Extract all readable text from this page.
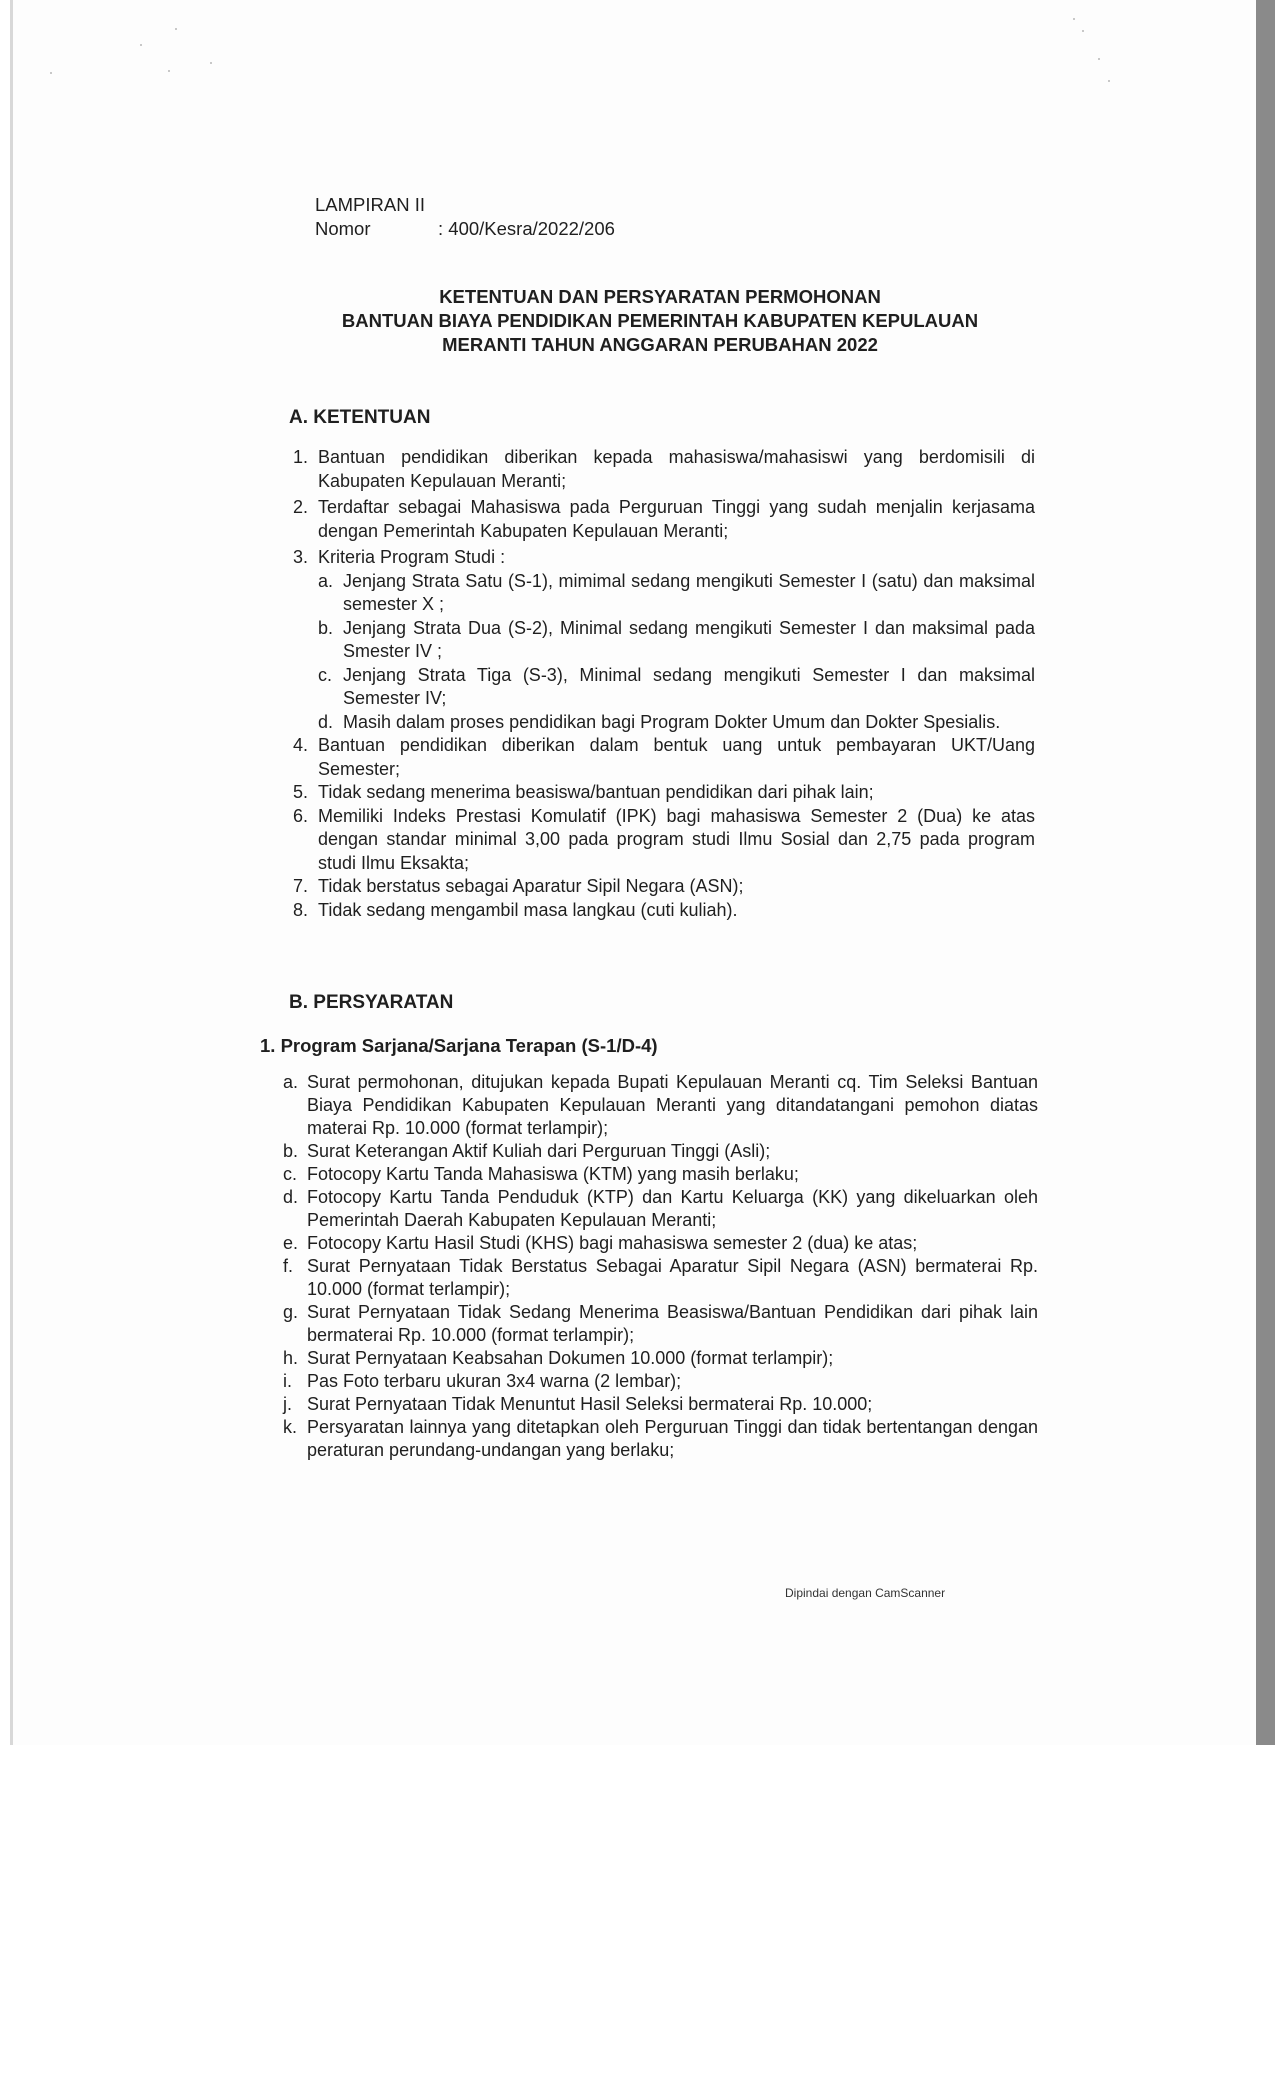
LAMPIRAN II
Nomor	: 400/Kesra/2022/206
KETENTUAN DAN PERSYARATAN PERMOHONAN
BANTUAN BIAYA PENDIDIKAN PEMERINTAH KABUPATEN KEPULAUAN
MERANTI TAHUN ANGGARAN PERUBAHAN 2022
A. KETENTUAN
1. Bantuan pendidikan diberikan kepada mahasiswa/mahasiswi yang berdomisili di Kabupaten Kepulauan Meranti;
2. Terdaftar sebagai Mahasiswa pada Perguruan Tinggi yang sudah menjalin kerjasama dengan Pemerintah Kabupaten Kepulauan Meranti;
3. Kriteria Program Studi :
a. Jenjang Strata Satu (S-1), mimimal sedang mengikuti Semester I (satu) dan maksimal semester X ;
b. Jenjang Strata Dua (S-2), Minimal sedang mengikuti Semester I dan maksimal pada Smester IV ;
c. Jenjang Strata Tiga (S-3), Minimal sedang mengikuti Semester I dan maksimal Semester IV;
d. Masih dalam proses pendidikan bagi Program Dokter Umum dan Dokter Spesialis.
4. Bantuan pendidikan diberikan dalam bentuk uang untuk pembayaran UKT/Uang Semester;
5. Tidak sedang menerima beasiswa/bantuan pendidikan dari pihak lain;
6. Memiliki Indeks Prestasi Komulatif (IPK) bagi mahasiswa Semester 2 (Dua) ke atas dengan standar minimal 3,00 pada program studi Ilmu Sosial dan 2,75 pada program studi Ilmu Eksakta;
7. Tidak berstatus sebagai Aparatur Sipil Negara (ASN);
8. Tidak sedang mengambil masa langkau (cuti kuliah).
B. PERSYARATAN
1. Program Sarjana/Sarjana Terapan (S-1/D-4)
a. Surat permohonan, ditujukan kepada Bupati Kepulauan Meranti cq. Tim Seleksi Bantuan Biaya Pendidikan Kabupaten Kepulauan Meranti yang ditandatangani pemohon diatas materai Rp. 10.000 (format terlampir);
b. Surat Keterangan Aktif Kuliah dari Perguruan Tinggi (Asli);
c. Fotocopy Kartu Tanda Mahasiswa (KTM) yang masih berlaku;
d. Fotocopy Kartu Tanda Penduduk (KTP) dan Kartu Keluarga (KK) yang dikeluarkan oleh Pemerintah Daerah Kabupaten Kepulauan Meranti;
e. Fotocopy Kartu Hasil Studi (KHS) bagi mahasiswa semester 2 (dua) ke atas;
f. Surat Pernyataan Tidak Berstatus Sebagai Aparatur Sipil Negara (ASN) bermaterai Rp. 10.000 (format terlampir);
g. Surat Pernyataan Tidak Sedang Menerima Beasiswa/Bantuan Pendidikan dari pihak lain bermaterai Rp. 10.000 (format terlampir);
h. Surat Pernyataan Keabsahan Dokumen 10.000 (format terlampir);
i. Pas Foto terbaru ukuran 3x4 warna (2 lembar);
j. Surat Pernyataan Tidak Menuntut Hasil Seleksi bermaterai Rp. 10.000;
k. Persyaratan lainnya yang ditetapkan oleh Perguruan Tinggi dan tidak bertentangan dengan peraturan perundang-undangan yang berlaku;
Dipindai dengan CamScanner
